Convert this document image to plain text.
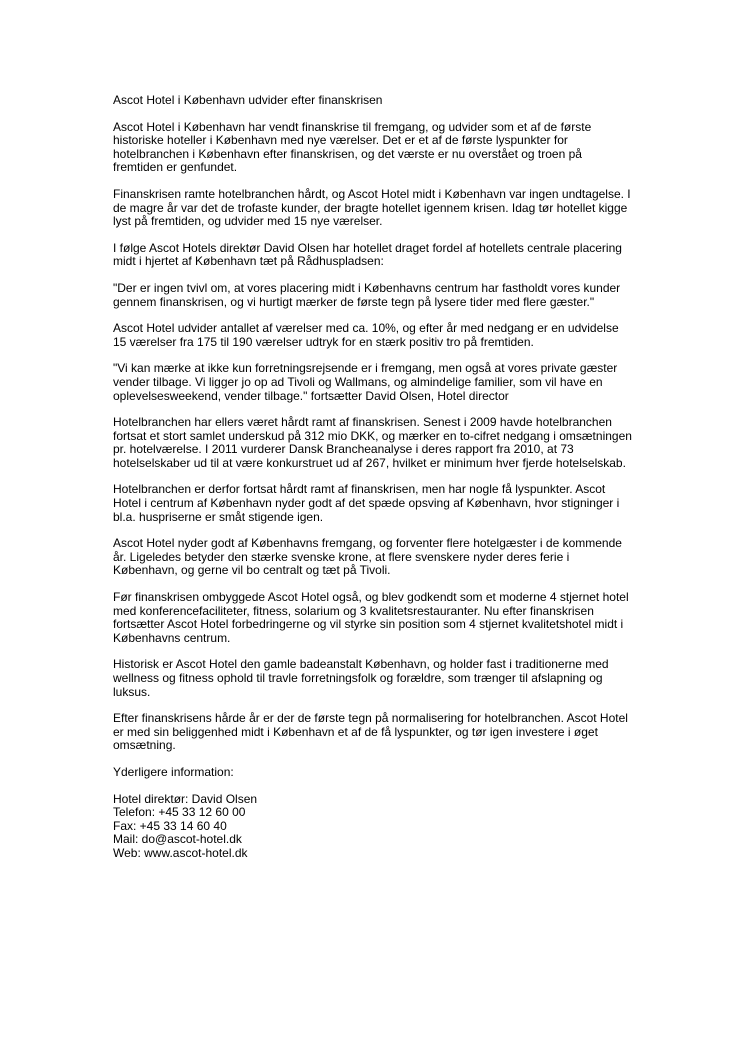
Ascot Hotel i København udvider efter finanskrisen

Ascot Hotel i København har vendt finanskrise til fremgang, og udvider som et af de første historiske hoteller i København med nye værelser. Det er et af de første lyspunkter for hotelbranchen i København efter finanskrisen, og det værste er nu overstået og troen på fremtiden er genfundet.

Finanskrisen ramte hotelbranchen hårdt, og Ascot Hotel midt i København var ingen undtagelse. I de magre år var det de trofaste kunder, der bragte hotellet igennem krisen. Idag tør hotellet kigge lyst på fremtiden, og udvider med 15 nye værelser.

I følge Ascot Hotels direktør David Olsen har hotellet draget fordel af hotellets centrale placering midt i hjertet af København tæt på Rådhuspladsen:

"Der er ingen tvivl om, at vores placering midt i Københavns centrum har fastholdt vores kunder gennem finanskrisen, og vi hurtigt mærker de første tegn på lysere tider med flere gæster."

Ascot Hotel udvider antallet af værelser med ca. 10%, og efter år med nedgang er en udvidelse 15 værelser fra 175 til 190 værelser udtryk for en stærk positiv tro på fremtiden.

"Vi kan mærke at ikke kun forretningsrejsende er i fremgang, men også at vores private gæster vender tilbage. Vi ligger jo op ad Tivoli og Wallmans, og almindelige familier, som vil have en oplevelsesweekend, vender tilbage." fortsætter David Olsen, Hotel director

Hotelbranchen har ellers været hårdt ramt af finanskrisen. Senest i 2009 havde hotelbranchen fortsat et stort samlet underskud på 312 mio DKK, og mærker en to-cifret nedgang i omsætningen pr. hotelværelse. I 2011 vurderer Dansk Brancheanalyse i deres rapport fra 2010, at 73 hotelselskaber ud til at være konkurstruet ud af 267, hvilket er minimum hver fjerde hotelselskab.

Hotelbranchen er derfor fortsat hårdt ramt af finanskrisen, men har nogle få lyspunkter. Ascot Hotel i centrum af København nyder godt af det spæde opsving af København, hvor stigninger i bl.a. huspriserne er småt stigende igen.

Ascot Hotel nyder godt af Københavns fremgang, og forventer flere hotelgæster i de kommende år. Ligeledes betyder den stærke svenske krone, at flere svenskere nyder deres ferie i København, og gerne vil bo centralt og tæt på Tivoli.

Før finanskrisen ombyggede Ascot Hotel også, og blev godkendt som et moderne 4 stjernet hotel med konferencefaciliteter, fitness, solarium og 3 kvalitetsrestauranter. Nu efter finanskrisen fortsætter Ascot Hotel forbedringerne og vil styrke sin position som 4 stjernet kvalitetshotel midt i Københavns centrum.

Historisk er Ascot Hotel den gamle badeanstalt København, og holder fast i traditionerne med wellness og fitness ophold til travle forretningsfolk og forældre, som trænger til afslapning og luksus.

Efter finanskrisens hårde år er der de første tegn på normalisering for hotelbranchen. Ascot Hotel er med sin beliggenhed midt i København et af de få lyspunkter, og tør igen investere i øget omsætning.

Yderligere information:

Hotel direktør: David Olsen
Telefon: +45 33 12 60 00
Fax: +45 33 14 60 40
Mail: do@ascot-hotel.dk
Web: www.ascot-hotel.dk
